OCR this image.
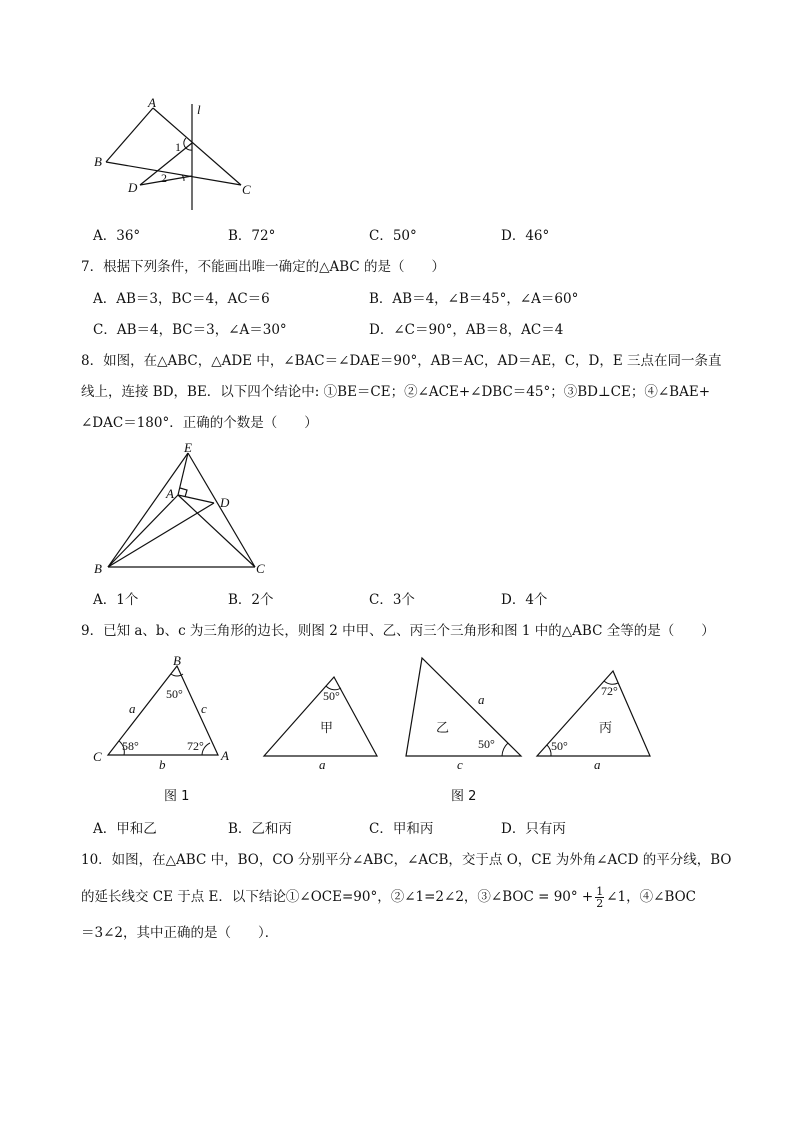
A
B
C
D
l
1
2
A．36°	B．72°	C．50°	D．46°
7．根据下列条件，不能画出唯一确定的△ABC 的是（　　）
A．AB＝3，BC＝4，AC＝6	B．AB＝4，∠B＝45°，∠A＝60°
C．AB＝4，BC＝3，∠A＝30°	D．∠C＝90°，AB＝8，AC＝4
8．如图，在△ABC，△ADE 中，∠BAC＝∠DAE＝90°，AB＝AC，AD＝AE，C，D，E 三点在同一条直
线上，连接 BD，BE．以下四个结论中: ①BE＝CE；②∠ACE+∠DBC＝45°；③BD⊥CE；④∠BAE+
∠DAC＝180°．正确的个数是（　　）
E
A
D
B	C
A．1个	B．2个	C．3个	D．4个
9．已知 a、b、c 为三角形的边长，则图 2 中甲、乙、丙三个三角形和图 1 中的△ABC 全等的是（　　）
B
C	A
a	c
b
50°
58°	72°
图 1
50°
甲
a
50°
乙
a
c
72°
50°
丙
a
图 2
A．甲和乙	B．乙和丙	C．甲和丙	D．只有丙
10．如图，在△ABC 中，BO，CO 分别平分∠ABC，∠ACB，交于点 O，CE 为外角∠ACD 的平分线，BO
的延长线交 CE 于点 E．以下结论①∠OCE=90°，②∠1=2∠2，③∠BOC = $90^\circ + \frac{1}{2}$ ∠1，④∠BOC
＝3∠2，其中正确的是（　　）．
